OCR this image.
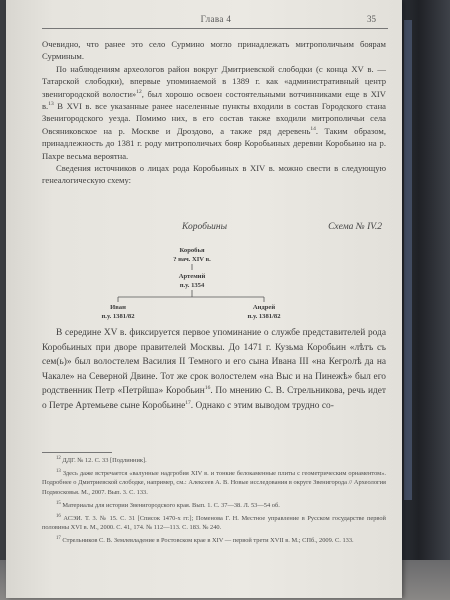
Глава 4	35

Очевидно, что ранее это село Сурмино могло принадлежать митрополичьим боярам Сурминым.

По наблюдениям археологов район вокруг Дмитриевской слободки (с конца XV в. — Татарской слободки), впервые упоминаемой в 1389 г. как «административный центр звенигородской волости»$^{12}$, был хорошо освоен состоятельными вотчинниками еще в XIV в.$^{13}$ В XVI в. все указанные ранее населенные пункты входили в состав Городского стана Звенигородского уезда. Помимо них, в его состав также входили митрополичьи села Овсяниковское на р. Москве и Дроздово, а также ряд деревень$^{14}$. Таким образом, принадлежность до 1381 г. роду митрополичьих бояр Коробьиных деревни Коробьино на р. Пахре весьма вероятна.

Сведения источников о лицах рода Коробьиных в XIV в. можно свести в следующую генеалогическую схему:

Коробьины	Схема № IV.2
Коробья
? нач. XIV в.
Артемий
п.у. 1354
Иван
п.у. 1381/82
Андрей
п.у. 1381/82

В середине XV в. фиксируется первое упоминание о службе представителей рода Коробьиных при дворе правителей Москвы. До 1471 г. Кузьма Коробьин «лѣтъ съ сем(ь)» был волостелем Василия II Темного и его сына Ивана III «на Кегролѣ да на Чакале» на Северной Двине. Тот же срок волостелем «на Выс и на Пинежѣ» был его родственник Петр «Петрйша» Коробьин$^{16}$. По мнению С. В. Стрельникова, речь идет о Петре Артемьеве сыне Коробьине$^{17}$. Однако с этим выводом трудно со-

$^{12}$ ДДГ. № 12. С. 33 [Подлинник].

$^{13}$ Здесь даже встречается «валунные надгробия XIV в. и тонкие белокаменные плиты с геометрическим орнаментом». Подробнее о Дмитриевской слободке, например, см.: Алексеев А. В. Новые исследования в округе Звенигорода // Археология Подмосковья. М., 2007. Вып. 3. С. 133.

$^{15}$ Материалы для истории Звенигородского края. Вып. 1. С. 37—38. Л. 53—54 об.

$^{16}$ АСЭИ. Т. 3. № 15. С. 31 [Список 1470-х гг.]; Поменова Г. Н. Местное управление в Русском государстве первой половины XVI в. М., 2000. С. 41, 174. № 112—113. С. 183. № 240.

$^{17}$ Стрельников С. В. Землевладение в Ростовском крае в XIV — первой трети XVII в. М.; СПб., 2009. С. 133.
